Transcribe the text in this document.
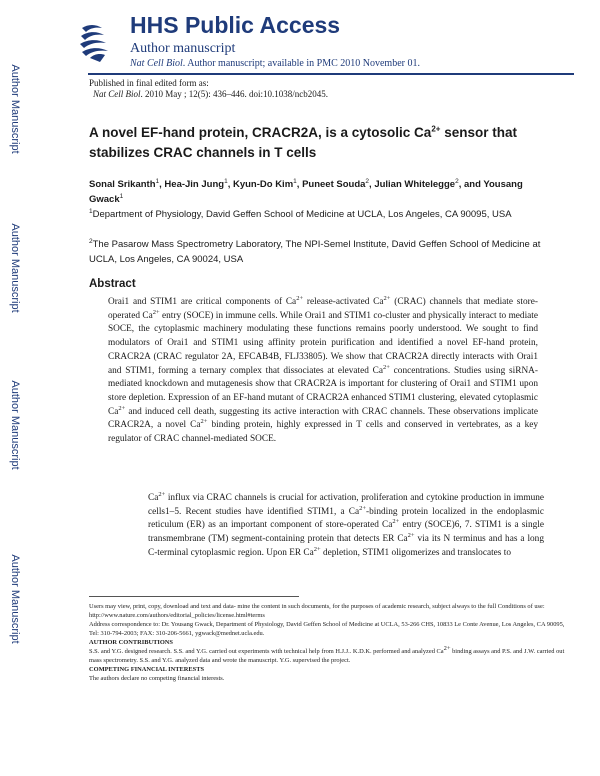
HHS Public Access
Author manuscript
Nat Cell Biol. Author manuscript; available in PMC 2010 November 01.
Published in final edited form as:
Nat Cell Biol. 2010 May ; 12(5): 436–446. doi:10.1038/ncb2045.
Author Manuscript
Author Manuscript
Author Manuscript
Author Manuscript
A novel EF-hand protein, CRACR2A, is a cytosolic $Ca^{2+}$ sensor that stabilizes CRAC channels in T cells
Sonal Srikanth$^1$, Hea-Jin Jung$^1$, Kyun-Do Kim$^1$, Puneet Souda$^2$, Julian Whitelegge$^2$, and Yousang Gwack$^1$
$^1$Department of Physiology, David Geffen School of Medicine at UCLA, Los Angeles, CA 90095, USA
$^2$The Pasarow Mass Spectrometry Laboratory, The NPI-Semel Institute, David Geffen School of Medicine at UCLA, Los Angeles, CA 90024, USA
Abstract
Orai1 and STIM1 are critical components of $Ca^{2+}$ release-activated $Ca^{2+}$ (CRAC) channels that mediate store-operated $Ca^{2+}$ entry (SOCE) in immune cells. While Orai1 and STIM1 co-cluster and physically interact to mediate SOCE, the cytoplasmic machinery modulating these functions remains poorly understood. We sought to find modulators of Orai1 and STIM1 using affinity protein purification and identified a novel EF-hand protein, CRACR2A (CRAC regulator 2A, EFCAB4B, FLJ33805). We show that CRACR2A directly interacts with Orai1 and STIM1, forming a ternary complex that dissociates at elevated $Ca^{2+}$ concentrations. Studies using siRNA-mediated knockdown and mutagenesis show that CRACR2A is important for clustering of Orai1 and STIM1 upon store depletion. Expression of an EF-hand mutant of CRACR2A enhanced STIM1 clustering, elevated cytoplasmic $Ca^{2+}$ and induced cell death, suggesting its active interaction with CRAC channels. These observations implicate CRACR2A, a novel $Ca^{2+}$ binding protein, highly expressed in T cells and conserved in vertebrates, as a key regulator of CRAC channel-mediated SOCE.
$Ca^{2+}$ influx via CRAC channels is crucial for activation, proliferation and cytokine production in immune cells1–5. Recent studies have identified STIM1, a $Ca^{2+}$-binding protein localized in the endoplasmic reticulum (ER) as an important component of store-operated $Ca^{2+}$ entry (SOCE)6, 7. STIM1 is a single transmembrane (TM) segment-containing protein that detects ER $Ca^{2+}$ via its N terminus and has a long C-terminal cytoplasmic region. Upon ER $Ca^{2+}$ depletion, STIM1 oligomerizes and translocates to
Users may view, print, copy, download and text and data- mine the content in such documents, for the purposes of academic research, subject always to the full Conditions of use: http://www.nature.com/authors/editorial_policies/license.html#terms
Address correspondence to: Dr. Yousang Gwack, Department of Physiology, David Geffen School of Medicine at UCLA, 53-266 CHS, 10833 Le Conte Avenue, Los Angeles, CA 90095, Tel: 310-794-2003; FAX: 310-206-5661, ygwack@mednet.ucla.edu.
AUTHOR CONTRIBUTIONS
S.S. and Y.G. designed research. S.S. and Y.G. carried out experiments with technical help from H.J.J.. K.D.K. performed and analyzed $Ca^{2+}$ binding assays and P.S. and J.W. carried out mass spectrometry. S.S. and Y.G. analyzed data and wrote the manuscript. Y.G. supervised the project.
COMPETING FINANCIAL INTERESTS
The authors declare no competing financial interests.
